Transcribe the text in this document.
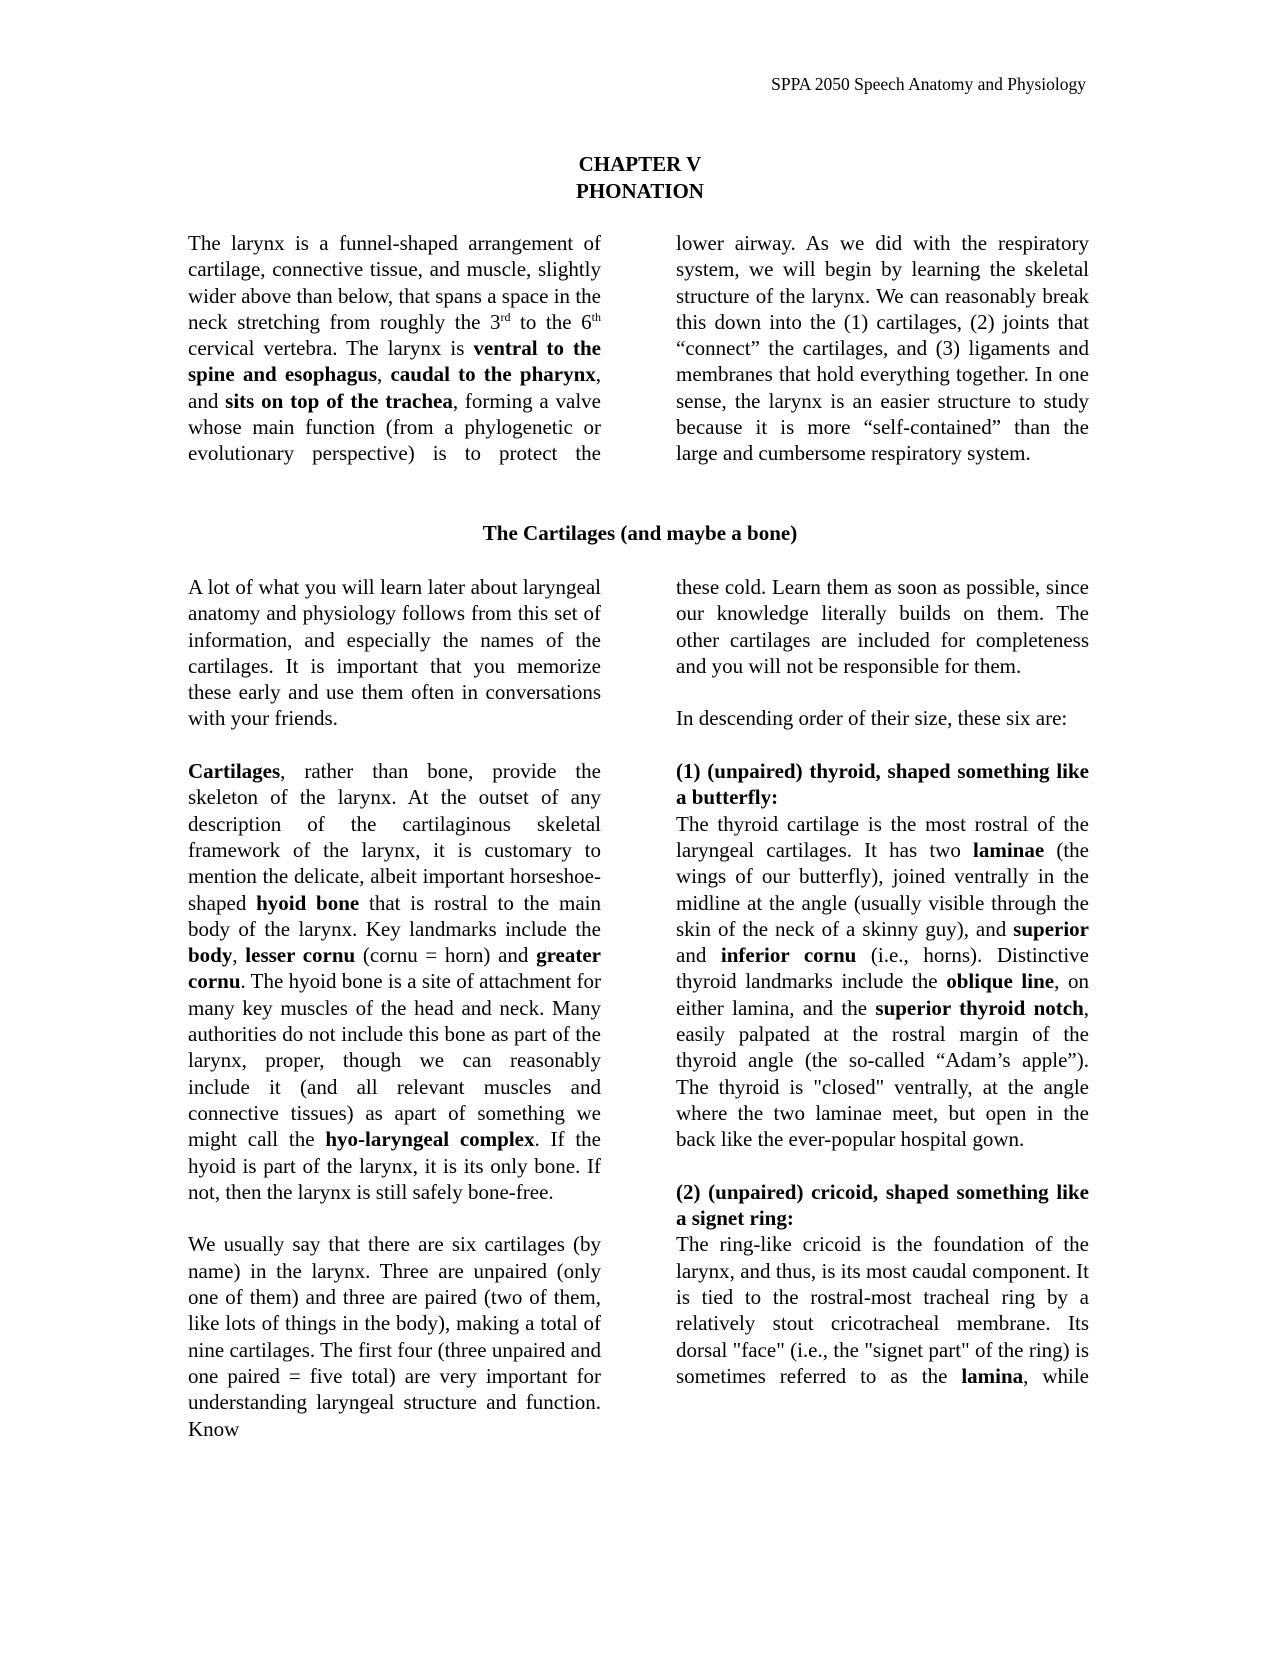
SPPA 2050 Speech Anatomy and Physiology
CHAPTER V
PHONATION

The larynx is a funnel-shaped arrangement of cartilage, connective tissue, and muscle, slightly wider above than below, that spans a space in the neck stretching from roughly the 3rd to the 6th cervical vertebra. The larynx is ventral to the spine and esophagus, caudal to the pharynx, and sits on top of the trachea, forming a valve whose main function (from a phylogenetic or evolutionary perspective) is to protect the

lower airway. As we did with the respiratory system, we will begin by learning the skeletal structure of the larynx. We can reasonably break this down into the (1) cartilages, (2) joints that “connect” the cartilages, and (3) ligaments and membranes that hold everything together. In one sense, the larynx is an easier structure to study because it is more “self-contained” than the large and cumbersome respiratory system.

The Cartilages (and maybe a bone)

A lot of what you will learn later about laryngeal anatomy and physiology follows from this set of information, and especially the names of the cartilages. It is important that you memorize these early and use them often in conversations with your friends.

Cartilages, rather than bone, provide the skeleton of the larynx. At the outset of any description of the cartilaginous skeletal framework of the larynx, it is customary to mention the delicate, albeit important horseshoe-shaped hyoid bone that is rostral to the main body of the larynx. Key landmarks include the body, lesser cornu (cornu = horn) and greater cornu. The hyoid bone is a site of attachment for many key muscles of the head and neck. Many authorities do not include this bone as part of the larynx, proper, though we can reasonably include it (and all relevant muscles and connective tissues) as apart of something we might call the hyo-laryngeal complex. If the hyoid is part of the larynx, it is its only bone. If not, then the larynx is still safely bone-free.

We usually say that there are six cartilages (by name) in the larynx. Three are unpaired (only one of them) and three are paired (two of them, like lots of things in the body), making a total of nine cartilages. The first four (three unpaired and one paired = five total) are very important for understanding laryngeal structure and function. Know

these cold. Learn them as soon as possible, since our knowledge literally builds on them. The other cartilages are included for completeness and you will not be responsible for them.

In descending order of their size, these six are:

(1) (unpaired) thyroid, shaped something like a butterfly:

The thyroid cartilage is the most rostral of the laryngeal cartilages. It has two laminae (the wings of our butterfly), joined ventrally in the midline at the angle (usually visible through the skin of the neck of a skinny guy), and superior and inferior cornu (i.e., horns). Distinctive thyroid landmarks include the oblique line, on either lamina, and the superior thyroid notch, easily palpated at the rostral margin of the thyroid angle (the so-called “Adam’s apple”). The thyroid is "closed" ventrally, at the angle where the two laminae meet, but open in the back like the ever-popular hospital gown.

(2) (unpaired) cricoid, shaped something like a signet ring:

The ring-like cricoid is the foundation of the larynx, and thus, is its most caudal component. It is tied to the rostral-most tracheal ring by a relatively stout cricotracheal membrane. Its dorsal "face" (i.e., the "signet part" of the ring) is sometimes referred to as the lamina, while
